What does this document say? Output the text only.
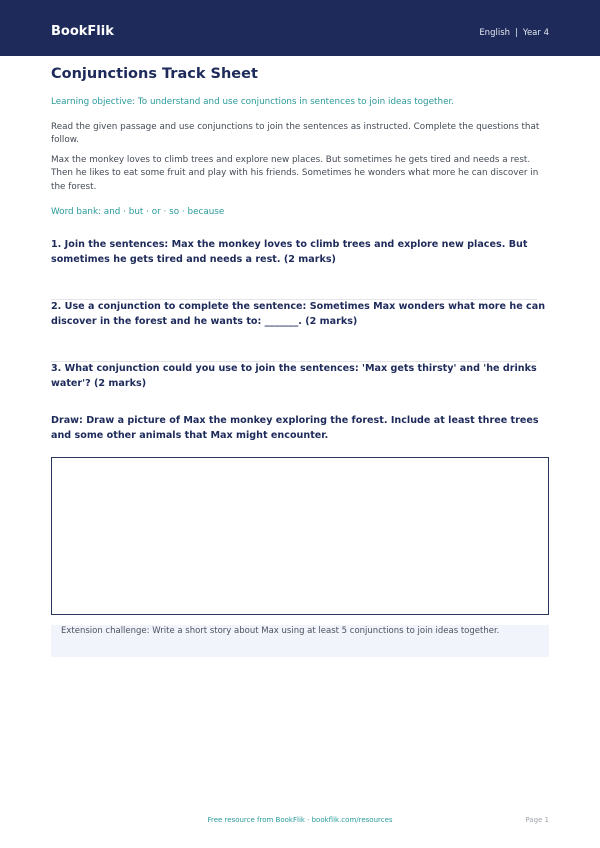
BookFlik	English | Year 4
Conjunctions Track Sheet
Learning objective: To understand and use conjunctions in sentences to join ideas together.
Read the given passage and use conjunctions to join the sentences as instructed. Complete the questions that follow.
Max the monkey loves to climb trees and explore new places. But sometimes he gets tired and needs a rest. Then he likes to eat some fruit and play with his friends. Sometimes he wonders what more he can discover in the forest.
Word bank: and · but · or · so · because
1. Join the sentences: Max the monkey loves to climb trees and explore new places. But sometimes he gets tired and needs a rest. (2 marks)
2. Use a conjunction to complete the sentence: Sometimes Max wonders what more he can discover in the forest and he wants to: _______. (2 marks)
3. What conjunction could you use to join the sentences: 'Max gets thirsty' and 'he drinks water'? (2 marks)
Draw: Draw a picture of Max the monkey exploring the forest. Include at least three trees and some other animals that Max might encounter.
Extension challenge: Write a short story about Max using at least 5 conjunctions to join ideas together.
Free resource from BookFlik · bookflik.com/resources	Page 1
